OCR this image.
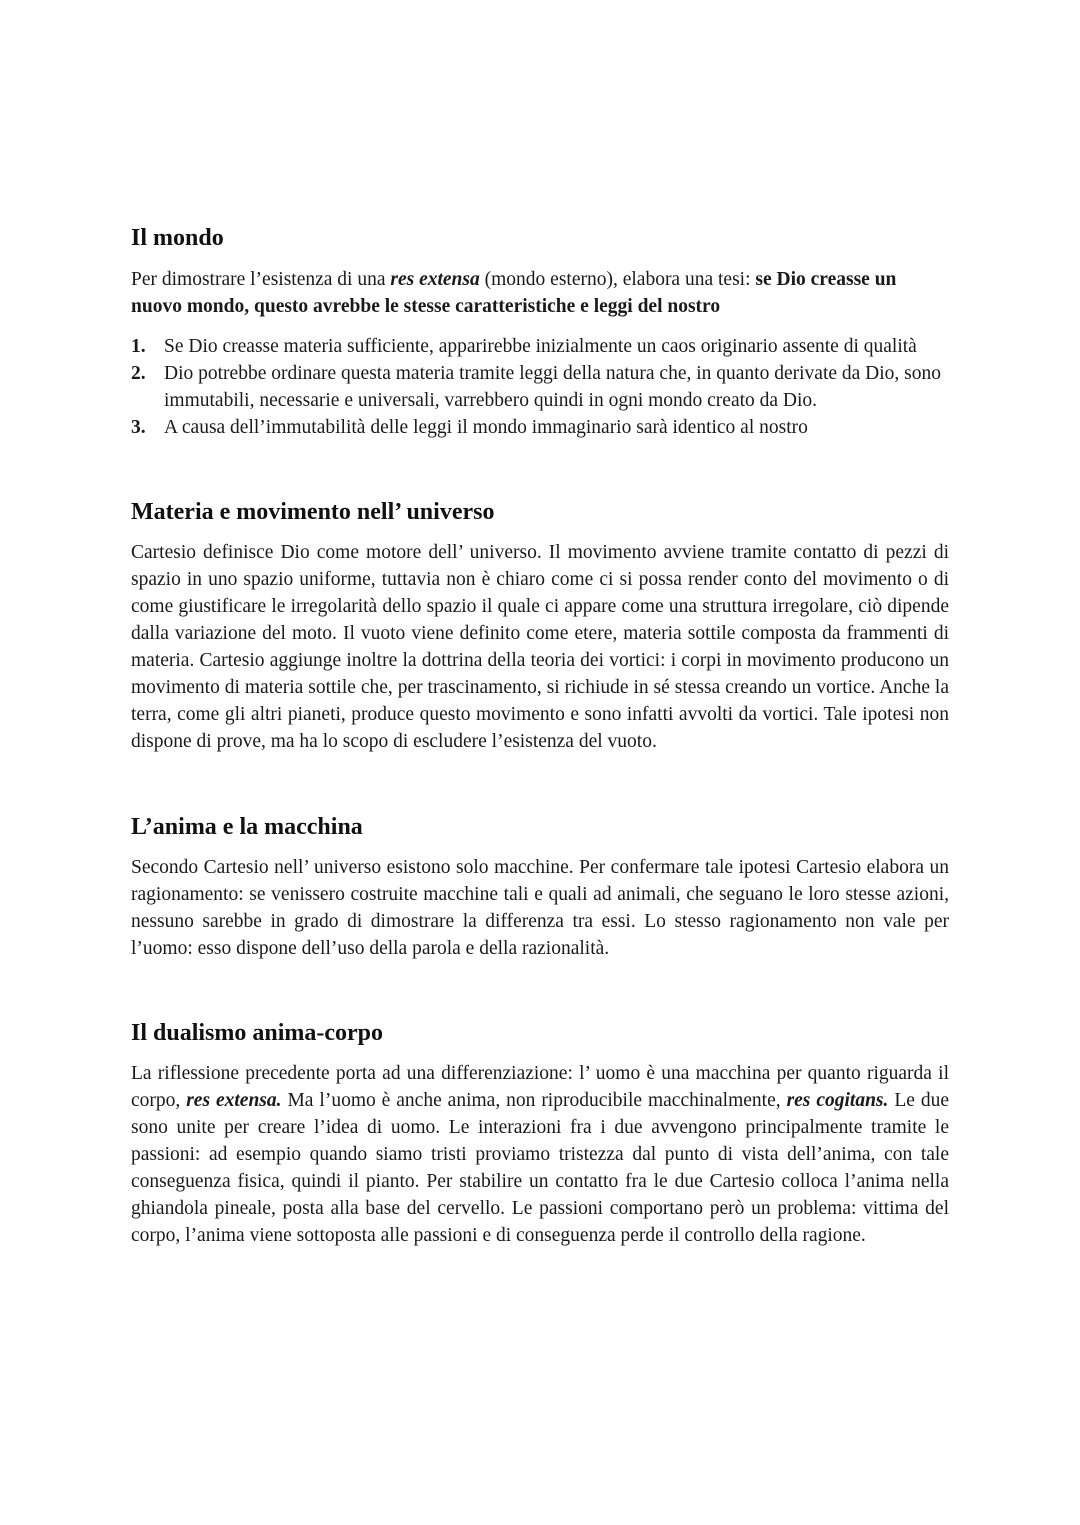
Il mondo

Per dimostrare l’esistenza di una res extensa (mondo esterno), elabora una tesi: se Dio creasse un nuovo mondo, questo avrebbe le stesse caratteristiche e leggi del nostro

1. Se Dio creasse materia sufficiente, apparirebbe inizialmente un caos originario assente di qualità
2. Dio potrebbe ordinare questa materia tramite leggi della natura che, in quanto derivate da Dio, sono immutabili, necessarie e universali, varrebbero quindi in ogni mondo creato da Dio.
3. A causa dell’immutabilità delle leggi il mondo immaginario sarà identico al nostro
Materia e movimento nell’ universo

Cartesio definisce Dio come motore dell’ universo. Il movimento avviene tramite contatto di pezzi di spazio in uno spazio uniforme, tuttavia non è chiaro come ci si possa render conto del movimento o di come giustificare le irregolarità dello spazio il quale ci appare come una struttura irregolare, ciò dipende dalla variazione del moto. Il vuoto viene definito come etere, materia sottile composta da frammenti di materia. Cartesio aggiunge inoltre la dottrina della teoria dei vortici: i corpi in movimento producono un movimento di materia sottile che, per trascinamento, si richiude in sé stessa creando un vortice. Anche la terra, come gli altri pianeti, produce questo movimento e sono infatti avvolti da vortici. Tale ipotesi non dispone di prove, ma ha lo scopo di escludere l’esistenza del vuoto.

L’anima e la macchina

Secondo Cartesio nell’ universo esistono solo macchine. Per confermare tale ipotesi Cartesio elabora un ragionamento: se venissero costruite macchine tali e quali ad animali, che seguano le loro stesse azioni, nessuno sarebbe in grado di dimostrare la differenza tra essi. Lo stesso ragionamento non vale per l’uomo: esso dispone dell’uso della parola e della razionalità.

Il dualismo anima-corpo

La riflessione precedente porta ad una differenziazione: l’ uomo è una macchina per quanto riguarda il corpo, res extensa. Ma l’uomo è anche anima, non riproducibile macchinalmente, res cogitans. Le due sono unite per creare l’idea di uomo. Le interazioni fra i due avvengono principalmente tramite le passioni: ad esempio quando siamo tristi proviamo tristezza dal punto di vista dell’anima, con tale conseguenza fisica, quindi il pianto. Per stabilire un contatto fra le due Cartesio colloca l’anima nella ghiandola pineale, posta alla base del cervello. Le passioni comportano però un problema: vittima del corpo, l’anima viene sottoposta alle passioni e di conseguenza perde il controllo della ragione.
